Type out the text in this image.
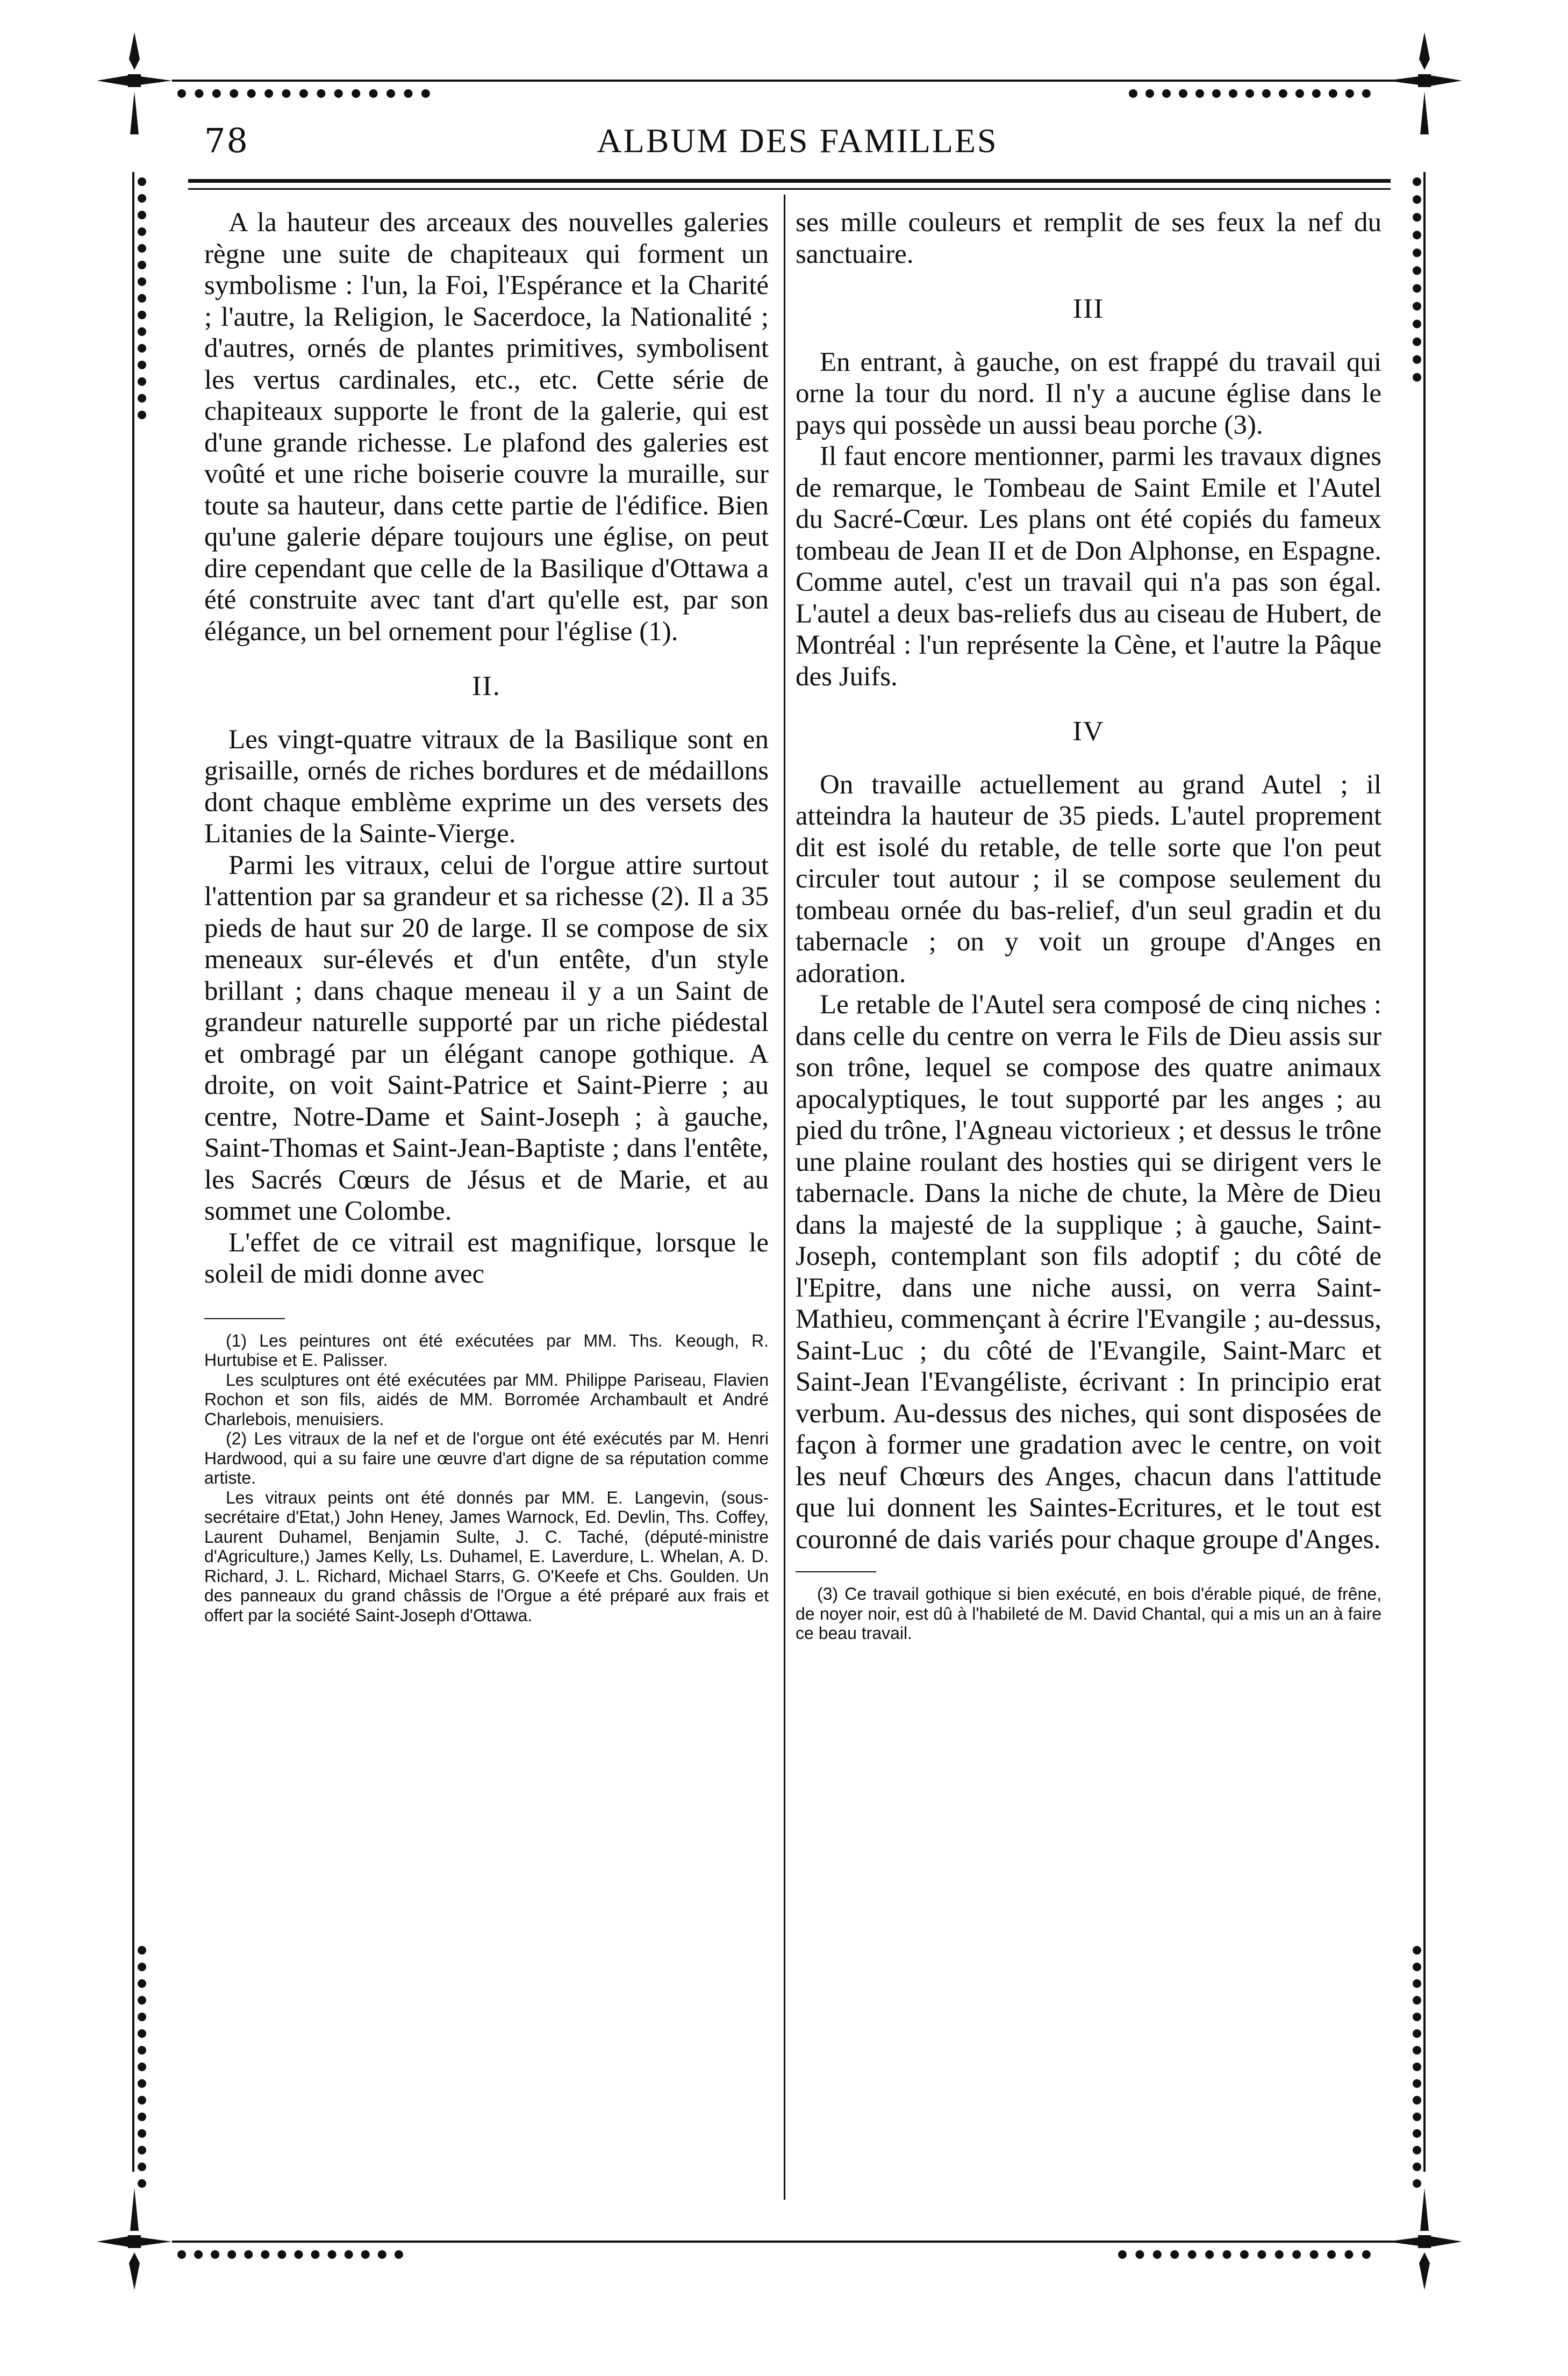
78	ALBUM DES FAMILLES

A la hauteur des arceaux des nouvelles galeries règne une suite de chapiteaux qui forment un symbolisme : l'un, la Foi, l'Espérance et la Charité ; l'autre, la Religion, le Sacerdoce, la Nationalité ; d'autres, ornés de plantes primitives, symbolisent les vertus cardinales, etc., etc. Cette série de chapiteaux supporte le front de la galerie, qui est d'une grande richesse. Le plafond des galeries est voûté et une riche boiserie couvre la muraille, sur toute sa hauteur, dans cette partie de l'édifice. Bien qu'une galerie dépare toujours une église, on peut dire cependant que celle de la Basilique d'Ottawa a été construite avec tant d'art qu'elle est, par son élégance, un bel ornement pour l'église (1).

II.

Les vingt-quatre vitraux de la Basilique sont en grisaille, ornés de riches bordures et de médaillons dont chaque emblème exprime un des versets des Litanies de la Sainte-Vierge.

Parmi les vitraux, celui de l'orgue attire surtout l'attention par sa grandeur et sa richesse (2). Il a 35 pieds de haut sur 20 de large. Il se compose de six meneaux sur-élevés et d'un entête, d'un style brillant ; dans chaque meneau il y a un Saint de grandeur naturelle supporté par un riche piédestal et ombragé par un élégant canope gothique. A droite, on voit Saint-Patrice et Saint-Pierre ; au centre, Notre-Dame et Saint-Joseph ; à gauche, Saint-Thomas et Saint-Jean-Baptiste ; dans l'entête, les Sacrés Cœurs de Jésus et de Marie, et au sommet une Colombe.

L'effet de ce vitrail est magnifique, lorsque le soleil de midi donne avec

(1) Les peintures ont été exécutées par MM. Ths. Keough, R. Hurtubise et E. Palisser.

Les sculptures ont été exécutées par MM. Philippe Pariseau, Flavien Rochon et son fils, aidés de MM. Borromée Archambault et André Charlebois, menuisiers.

(2) Les vitraux de la nef et de l'orgue ont été exécutés par M. Henri Hardwood, qui a su faire une œuvre d'art digne de sa réputation comme artiste.

Les vitraux peints ont été donnés par MM. E. Langevin, (sous-secrétaire d'Etat,) John Heney, James Warnock, Ed. Devlin, Ths. Coffey, Laurent Duhamel, Benjamin Sulte, J. C. Taché, (député-ministre d'Agriculture,) James Kelly, Ls. Duhamel, E. Laverdure, L. Whelan, A. D. Richard, J. L. Richard, Michael Starrs, G. O'Keefe et Chs. Goulden. Un des panneaux du grand châssis de l'Orgue a été préparé aux frais et offert par la société Saint-Joseph d'Ottawa.

ses mille couleurs et remplit de ses feux la nef du sanctuaire.

III

En entrant, à gauche, on est frappé du travail qui orne la tour du nord. Il n'y a aucune église dans le pays qui possède un aussi beau porche (3).

Il faut encore mentionner, parmi les travaux dignes de remarque, le Tombeau de Saint Emile et l'Autel du Sacré-Cœur. Les plans ont été copiés du fameux tombeau de Jean II et de Don Alphonse, en Espagne. Comme autel, c'est un travail qui n'a pas son égal. L'autel a deux bas-reliefs dus au ciseau de Hubert, de Montréal : l'un représente la Cène, et l'autre la Pâque des Juifs.

IV

On travaille actuellement au grand Autel ; il atteindra la hauteur de 35 pieds. L'autel proprement dit est isolé du retable, de telle sorte que l'on peut circuler tout autour ; il se compose seulement du tombeau ornée du bas-relief, d'un seul gradin et du tabernacle ; on y voit un groupe d'Anges en adoration.

Le retable de l'Autel sera composé de cinq niches : dans celle du centre on verra le Fils de Dieu assis sur son trône, lequel se compose des quatre animaux apocalyptiques, le tout supporté par les anges ; au pied du trône, l'Agneau victorieux ; et dessus le trône une plaine roulant des hosties qui se dirigent vers le tabernacle. Dans la niche de chute, la Mère de Dieu dans la majesté de la supplique ; à gauche, Saint-Joseph, contemplant son fils adoptif ; du côté de l'Epitre, dans une niche aussi, on verra Saint-Mathieu, commençant à écrire l'Evangile ; au-dessus, Saint-Luc ; du côté de l'Evangile, Saint-Marc et Saint-Jean l'Evangéliste, écrivant : In principio erat verbum. Au-dessus des niches, qui sont disposées de façon à former une gradation avec le centre, on voit les neuf Chœurs des Anges, chacun dans l'attitude que lui donnent les Saintes-Ecritures, et le tout est couronné de dais variés pour chaque groupe d'Anges.

(3) Ce travail gothique si bien exécuté, en bois d'érable piqué, de frêne, de noyer noir, est dû à l'habileté de M. David Chantal, qui a mis un an à faire ce beau travail.
